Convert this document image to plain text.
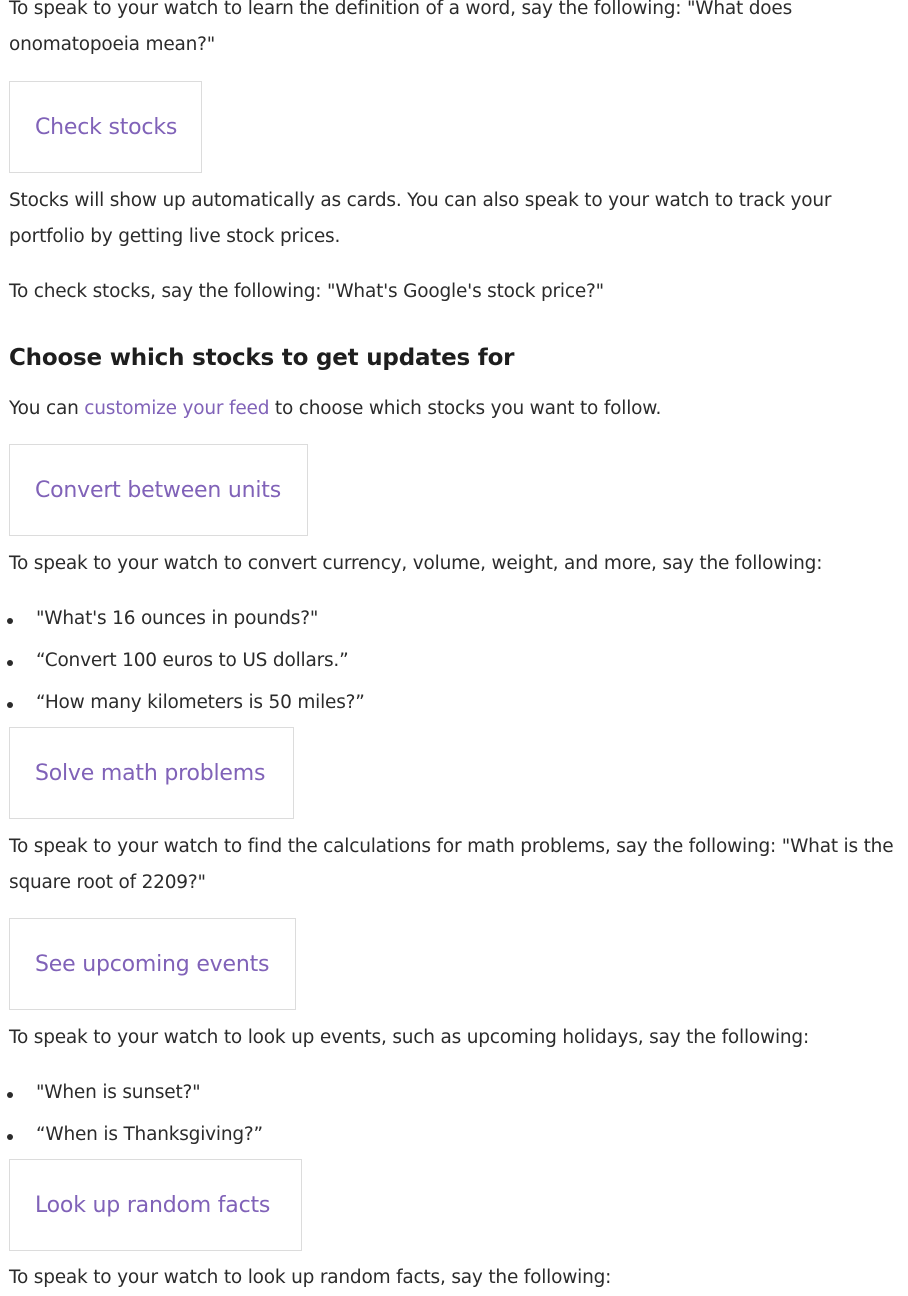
To speak to your watch to learn the definition of a word, say the following: "What does onomatopoeia mean?"

Check stocks

Stocks will show up automatically as cards. You can also speak to your watch to track your portfolio by getting live stock prices.

To check stocks, say the following: "What's Google's stock price?"

Choose which stocks to get updates for

You can customize your feed to choose which stocks you want to follow.

Convert between units

To speak to your watch to convert currency, volume, weight, and more, say the following:

"What's 16 ounces in pounds?"
“Convert 100 euros to US dollars.”
“How many kilometers is 50 miles?”
Solve math problems

To speak to your watch to find the calculations for math problems, say the following: "What is the square root of 2209?"

See upcoming events

To speak to your watch to look up events, such as upcoming holidays, say the following:

"When is sunset?"
“When is Thanksgiving?”
Look up random facts

To speak to your watch to look up random facts, say the following:
